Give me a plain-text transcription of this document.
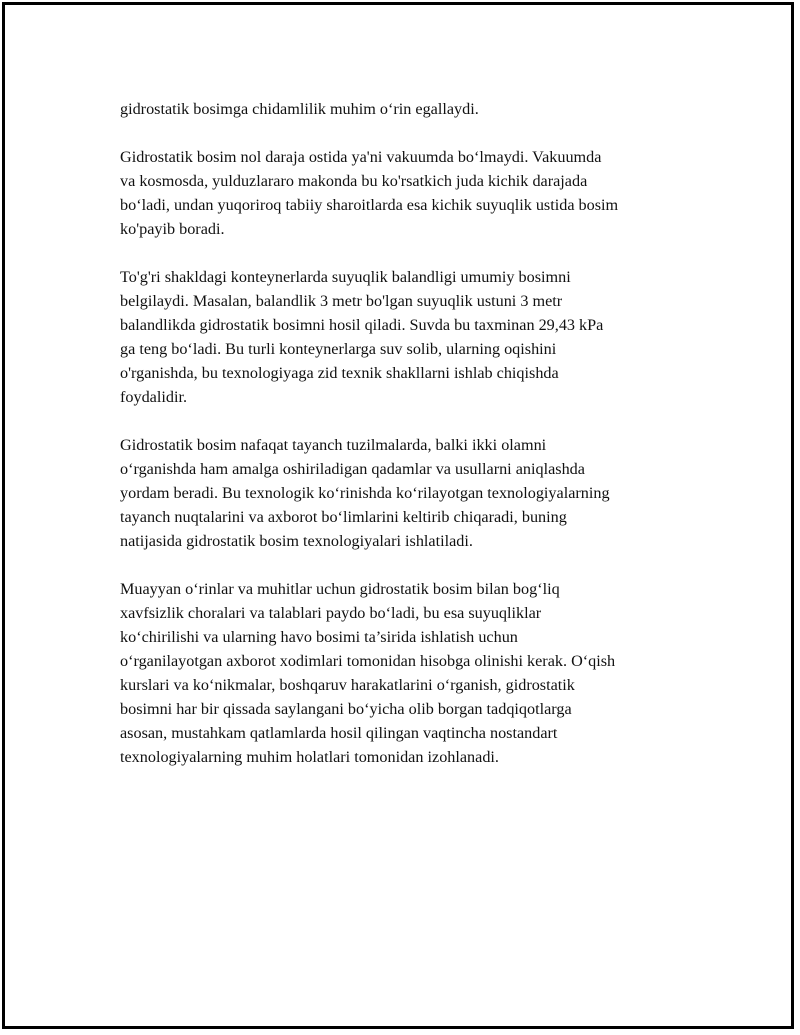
gidrostatik bosimga chidamlilik muhim o‘rin egallaydi.

Gidrostatik bosim nol daraja ostida ya'ni vakuumda bo‘lmaydi. Vakuumda
va kosmosda, yulduzlararo makonda bu ko'rsatkich juda kichik darajada
bo‘ladi, undan yuqoriroq tabiiy sharoitlarda esa kichik suyuqlik ustida bosim
ko'payib boradi.

To'g'ri shakldagi konteynerlarda suyuqlik balandligi umumiy bosimni
belgilaydi. Masalan, balandlik 3 metr bo'lgan suyuqlik ustuni 3 metr
balandlikda gidrostatik bosimni hosil qiladi. Suvda bu taxminan 29,43 kPa
ga teng bo‘ladi. Bu turli konteynerlarga suv solib, ularning oqishini
o'rganishda, bu texnologiyaga zid texnik shakllarni ishlab chiqishda
foydalidir.

Gidrostatik bosim nafaqat tayanch tuzilmalarda, balki ikki olamni
o‘rganishda ham amalga oshiriladigan qadamlar va usullarni aniqlashda
yordam beradi. Bu texnologik ko‘rinishda ko‘rilayotgan texnologiyalarning
tayanch nuqtalarini va axborot bo‘limlarini keltirib chiqaradi, buning
natijasida gidrostatik bosim texnologiyalari ishlatiladi.

Muayyan o‘rinlar va muhitlar uchun gidrostatik bosim bilan bog‘liq
xavfsizlik choralari va talablari paydo bo‘ladi, bu esa suyuqliklar
ko‘chirilishi va ularning havo bosimi ta’sirida ishlatish uchun
o‘rganilayotgan axborot xodimlari tomonidan hisobga olinishi kerak. O‘qish
kurslari va ko‘nikmalar, boshqaruv harakatlarini o‘rganish, gidrostatik
bosimni har bir qissada saylangani bo‘yicha olib borgan tadqiqotlarga
asosan, mustahkam qatlamlarda hosil qilingan vaqtincha nostandart
texnologiyalarning muhim holatlari tomonidan izohlanadi.
